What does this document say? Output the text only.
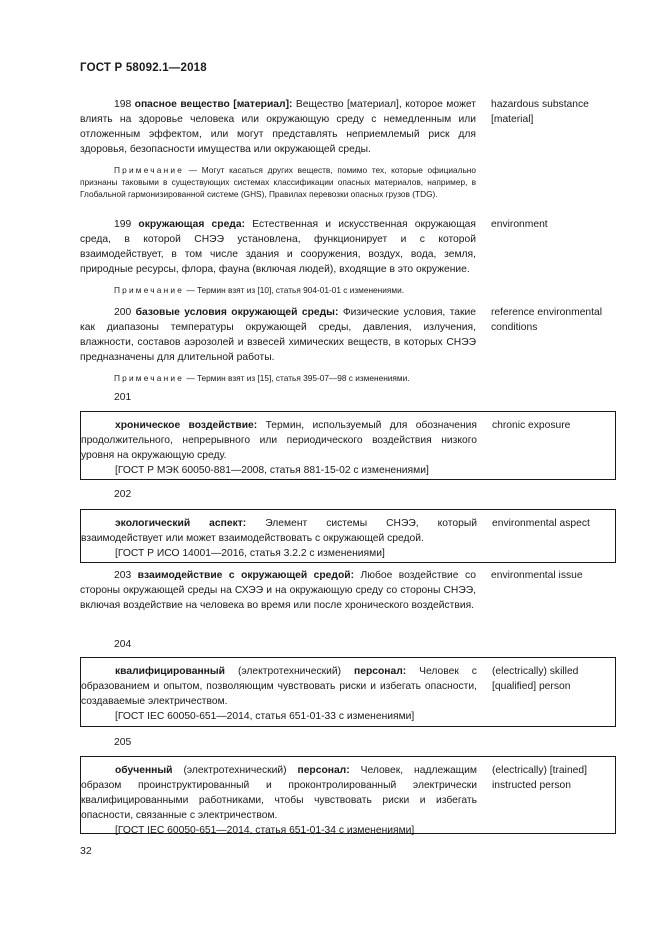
ГОСТ Р 58092.1—2018

198 опасное вещество [материал]: Вещество [материал], которое может влиять на здоровье человека или окружающую среду с немедленным или отложенным эффектом, или могут представлять неприемлемый риск для здоровья, безопасности имущества или окружающей среды.

Примечание — Могут касаться других веществ, помимо тех, которые официально признаны таковыми в существующих системах классификации опасных материалов, например, в Глобальной гармонизированной системе (GHS), Правилах перевозки опасных грузов (TDG).
hazardous substance [material]

199 окружающая среда: Естественная и искусственная окружающая среда, в которой СНЭЭ установлена, функционирует и с которой взаимодействует, в том числе здания и сооружения, воздух, вода, земля, природные ресурсы, флора, фауна (включая людей), входящие в это окружение.

Примечание — Термин взят из [10], статья 904-01-01 с изменениями.
environment

200 базовые условия окружающей среды: Физические условия, такие как диапазоны температуры окружающей среды, давления, излучения, влажности, составов аэрозолей и взвесей химических веществ, в которых СНЭЭ предназначены для длительной работы.

Примечание — Термин взят из [15], статья 395-07—98 с изменениями.
reference environmental conditions
201

хроническое воздействие: Термин, используемый для обозначения продолжительного, непрерывного или периодического воздействия низкого уровня на окружающую среду.

[ГОСТ Р МЭК 60050-881—2008, статья 881-15-02 с изменениями]

chronic exposure
202

экологический аспект: Элемент системы СНЭЭ, который взаимодействует или может взаимодействовать с окружающей средой.

[ГОСТ Р ИСО 14001—2016, статья 3.2.2 с изменениями]

environmental aspect

203 взаимодействие с окружающей средой: Любое воздействие со стороны окружающей среды на СХЭЭ и на окружающую среду со стороны СНЭЭ, включая воздействие на человека во время или после хронического воздействия.

environmental issue
204

квалифицированный (электротехнический) персонал: Человек с образованием и опытом, позволяющим чувствовать риски и избегать опасности, создаваемые электричеством.

[ГОСТ IEC 60050-651—2014, статья 651-01-33 с изменениями]

(electrically) skilled [qualified] person
205

обученный (электротехнический) персонал: Человек, надлежащим образом проинструктированный и проконтролированный электрически квалифицированными работниками, чтобы чувствовать риски и избегать опасности, связанные с электричеством.

[ГОСТ IEC 60050-651—2014, статья 651-01-34 с изменениями]

(electrically) [trained] instructed person
32
